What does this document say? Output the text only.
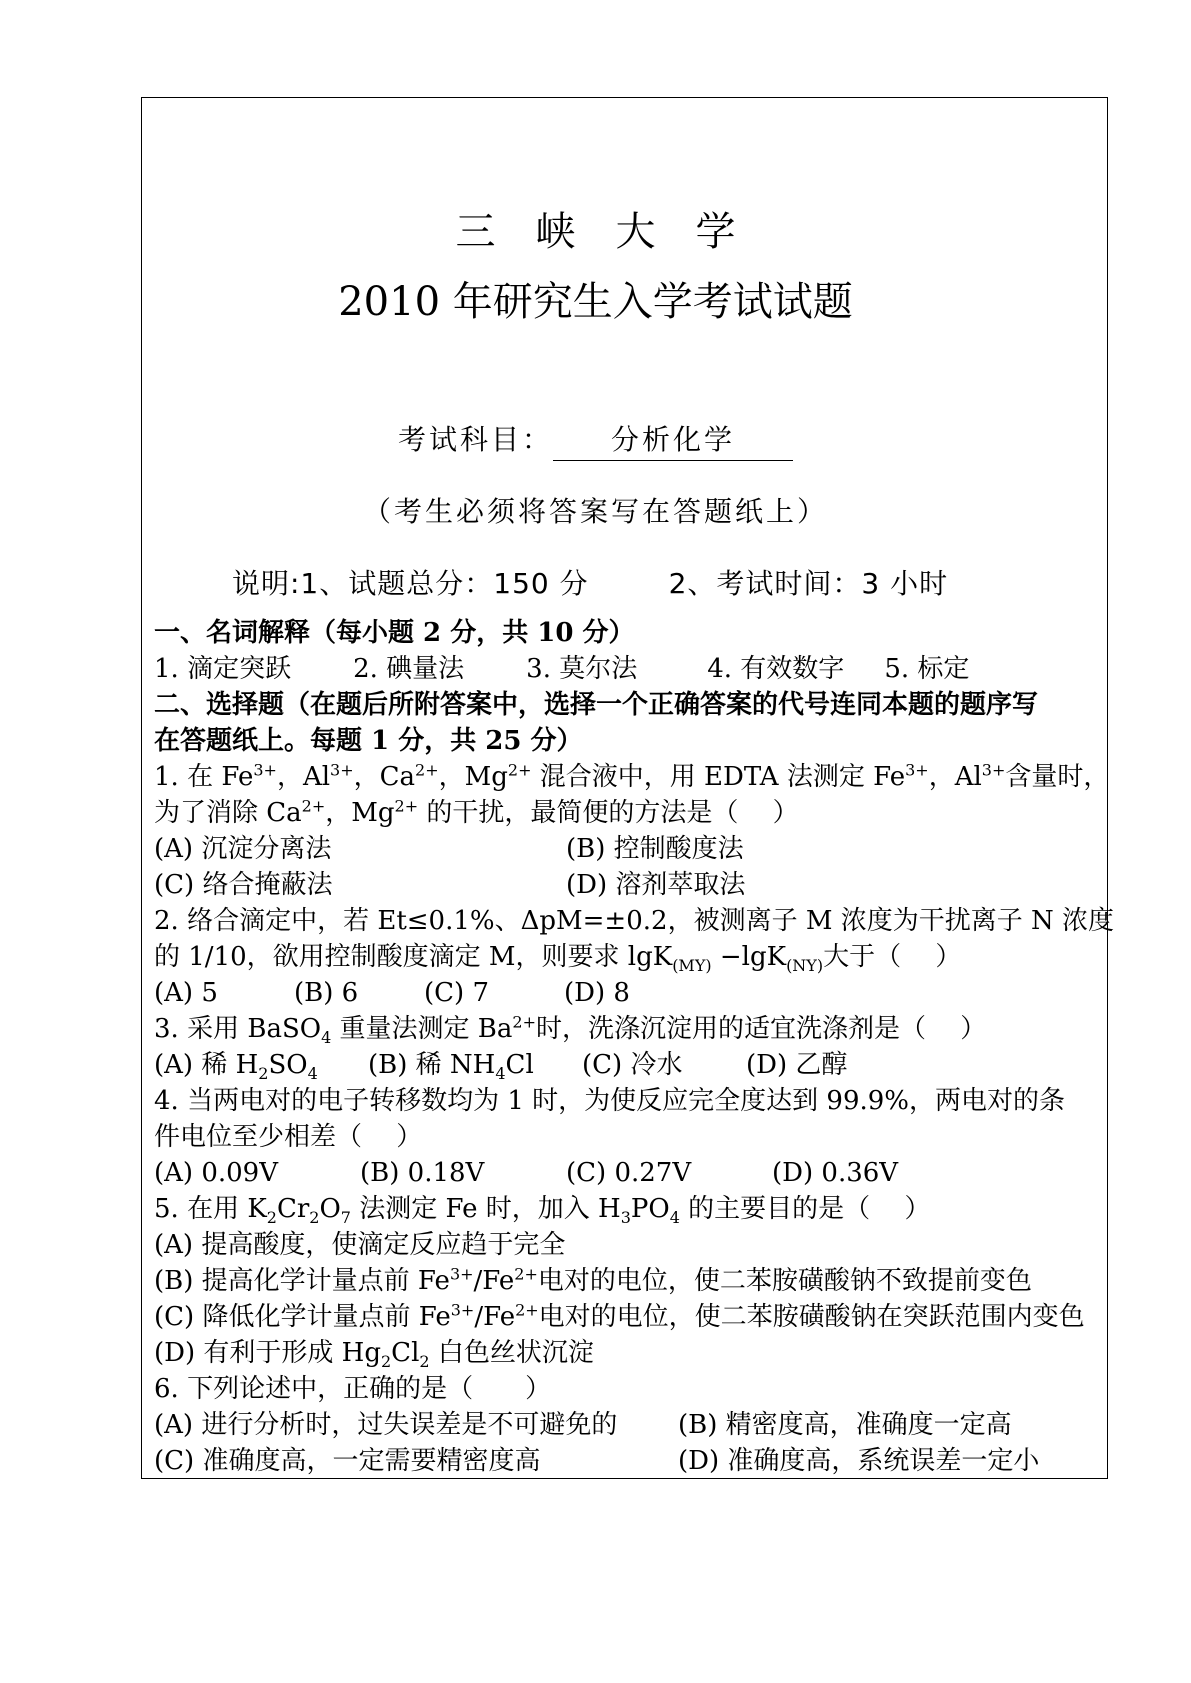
三 峡 大 学
2010 年研究生入学考试试题
考试科目： 分析化学
（考生必须将答案写在答题纸上）
说明:1、试题总分：150 分	2、考试时间：3 小时
一、名词解释（每小题 2 分，共 10 分）
1. 滴定突跃 2. 碘量法 3. 莫尔法	4. 有效数字 5. 标定
二、选择题（在题后所附答案中，选择一个正确答案的代号连同本题的题序写
在答题纸上。每题 1 分，共 25 分）
1. 在 $Fe^{3+}$，$Al^{3+}$，$Ca^{2+}$，$Mg^{2+}$ 混合液中，用 EDTA 法测定 $Fe^{3+}$，$Al^{3+}$含量时，
为了消除 $Ca^{2+}$，$Mg^{2+}$ 的干扰，最简便的方法是（　 ）
(A) 沉淀分离法	(B) 控制酸度法
(C) 络合掩蔽法	(D) 溶剂萃取法
2. 络合滴定中，若 Et≤0.1%、ΔpM=±0.2，被测离子 M 浓度为干扰离子 N 浓度
的 1/10，欲用控制酸度滴定 M，则要求 lgK$_{(MY)}$ −lgK$_{(NY)}$大于（　 ）
(A) 5	(B) 6	(C) 7	(D) 8
3. 采用 BaSO$_4$ 重量法测定 $Ba^{2+}$时，洗涤沉淀用的适宜洗涤剂是（　 ）
(A) 稀 $H_2SO_4$	(B) 稀 $NH_4Cl$	(C) 冷水	(D) 乙醇
4. 当两电对的电子转移数均为 1 时，为使反应完全度达到 99.9%，两电对的条
件电位至少相差（　 ）
(A) 0.09V	(B) 0.18V	(C) 0.27V	(D) 0.36V
5. 在用 $K_2Cr_2O_7$ 法测定 Fe 时，加入 $H_3PO_4$ 的主要目的是（　 ）
(A) 提高酸度，使滴定反应趋于完全
(B) 提高化学计量点前 $Fe^{3+}/Fe^{2+}$电对的电位，使二苯胺磺酸钠不致提前变色
(C) 降低化学计量点前 $Fe^{3+}/Fe^{2+}$电对的电位，使二苯胺磺酸钠在突跃范围内变色
(D) 有利于形成 $Hg_2Cl_2$ 白色丝状沉淀
6. 下列论述中，正确的是（　　）
(A) 进行分析时，过失误差是不可避免的	(B) 精密度高，准确度一定高
(C) 准确度高，一定需要精密度高	(D) 准确度高，系统误差一定小
